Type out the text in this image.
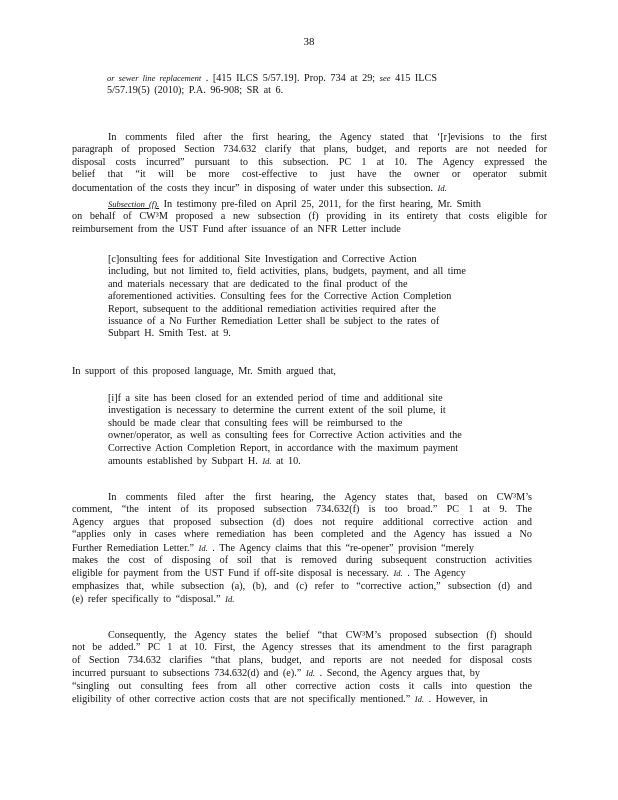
38
or sewer line replacement . [415 ILCS 5/57.19]. Prop. 734 at 29; see 415 ILCS
5/57.19(5) (2010); P.A. 96-908; SR at 6.
In comments filed after the first hearing, the Agency stated that ‘[r]evisions to the first
paragraph of proposed Section 734.632 clarify that plans, budget, and reports are not needed for
disposal costs incurred” pursuant to this subsection. PC 1 at 10. The Agency expressed the
belief that “it will be more cost-effective to just have the owner or operator submit
documentation of the costs they incur” in disposing of water under this subsection. Id.
Subsection (f). In testimony pre-filed on April 25, 2011, for the first hearing, Mr. Smith
on behalf of CW³M proposed a new subsection (f) providing in its entirety that costs eligible for
reimbursement from the UST Fund after issuance of an NFR Letter include
[c]onsulting fees for additional Site Investigation and Corrective Action
including, but not limited to, field activities, plans, budgets, payment, and all time
and materials necessary that are dedicated to the final product of the
aforementioned activities. Consulting fees for the Corrective Action Completion
Report, subsequent to the additional remediation activities required after the
issuance of a No Further Remediation Letter shall be subject to the rates of
Subpart H. Smith Test. at 9.
In support of this proposed language, Mr. Smith argued that,
[i]f a site has been closed for an extended period of time and additional site
investigation is necessary to determine the current extent of the soil plume, it
should be made clear that consulting fees will be reimbursed to the
owner/operator, as well as consulting fees for Corrective Action activities and the
Corrective Action Completion Report, in accordance with the maximum payment
amounts established by Subpart H. Id. at 10.
In comments filed after the first hearing, the Agency states that, based on CW³M’s
comment, “the intent of its proposed subsection 734.632(f) is too broad.” PC 1 at 9. The
Agency argues that proposed subsection (d) does not require additional corrective action and
“applies only in cases where remediation has been completed and the Agency has issued a No
Further Remediation Letter.” Id. . The Agency claims that this “re-opener” provision “merely
makes the cost of disposing of soil that is removed during subsequent construction activities
eligible for payment from the UST Fund if off-site disposal is necessary. Id. . The Agency
emphasizes that, while subsection (a), (b), and (c) refer to “corrective action,” subsection (d) and
(e) refer specifically to “disposal.” Id.
Consequently, the Agency states the belief “that CW³M’s proposed subsection (f) should
not be added.” PC 1 at 10. First, the Agency stresses that its amendment to the first paragraph
of Section 734.632 clarifies “that plans, budget, and reports are not needed for disposal costs
incurred pursuant to subsections 734.632(d) and (e).” Id. . Second, the Agency argues that, by
“singling out consulting fees from all other corrective action costs it calls into question the
eligibility of other corrective action costs that are not specifically mentioned.” Id. . However, in
